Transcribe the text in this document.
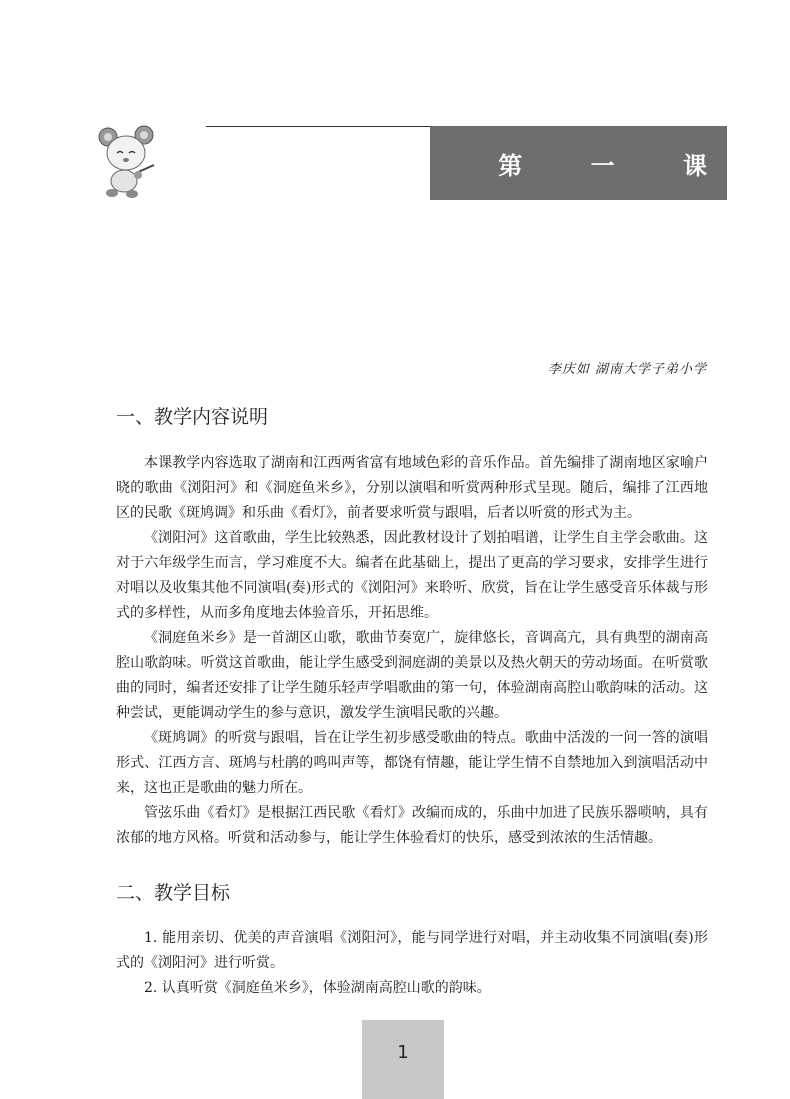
第 一 课
李庆如 湖南大学子弟小学
一、教学内容说明

本课教学内容选取了湖南和江西两省富有地域色彩的音乐作品。首先编排了湖南地区家喻户晓的歌曲《浏阳河》和《洞庭鱼米乡》，分别以演唱和听赏两种形式呈现。随后，编排了江西地区的民歌《斑鸠调》和乐曲《看灯》，前者要求听赏与跟唱，后者以听赏的形式为主。

《浏阳河》这首歌曲，学生比较熟悉，因此教材设计了划拍唱谱，让学生自主学会歌曲。这对于六年级学生而言，学习难度不大。编者在此基础上，提出了更高的学习要求，安排学生进行对唱以及收集其他不同演唱(奏)形式的《浏阳河》来聆听、欣赏，旨在让学生感受音乐体裁与形式的多样性，从而多角度地去体验音乐，开拓思维。

《洞庭鱼米乡》是一首湖区山歌，歌曲节奏宽广，旋律悠长，音调高亢，具有典型的湖南高腔山歌韵味。听赏这首歌曲，能让学生感受到洞庭湖的美景以及热火朝天的劳动场面。在听赏歌曲的同时，编者还安排了让学生随乐轻声学唱歌曲的第一句，体验湖南高腔山歌韵味的活动。这种尝试，更能调动学生的参与意识，激发学生演唱民歌的兴趣。

《斑鸠调》的听赏与跟唱，旨在让学生初步感受歌曲的特点。歌曲中活泼的一问一答的演唱形式、江西方言、斑鸠与杜鹃的鸣叫声等，都饶有情趣，能让学生情不自禁地加入到演唱活动中来，这也正是歌曲的魅力所在。

管弦乐曲《看灯》是根据江西民歌《看灯》改编而成的，乐曲中加进了民族乐器唢呐，具有浓郁的地方风格。听赏和活动参与，能让学生体验看灯的快乐，感受到浓浓的生活情趣。

二、教学目标

1. 能用亲切、优美的声音演唱《浏阳河》，能与同学进行对唱，并主动收集不同演唱(奏)形式的《浏阳河》进行听赏。

2. 认真听赏《洞庭鱼米乡》，体验湖南高腔山歌的韵味。

1
